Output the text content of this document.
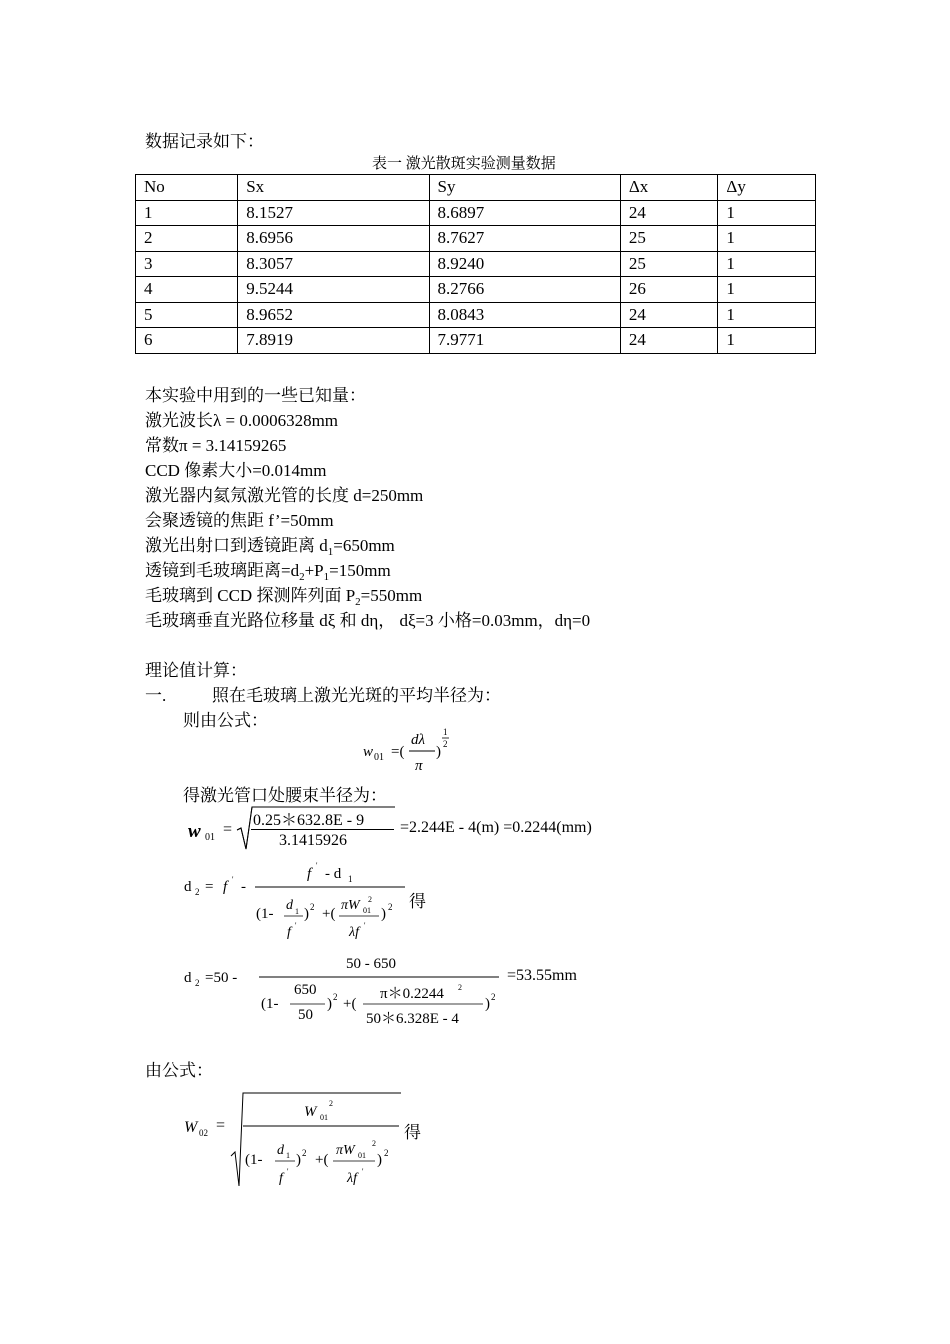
数据记录如下：
表一 激光散斑实验测量数据
No	Sx	Sy	Δx	Δy
1	8.1527	8.6897	24	1
2	8.6956	8.7627	25	1
3	8.3057	8.9240	25	1
4	9.5244	8.2766	26	1
5	8.9652	8.0843	24	1
6	7.8919	7.9771	24	1
本实验中用到的一些已知量：
激光波长λ = 0.0006328mm
常数π = 3.14159265
CCD 像素大小=0.014mm
激光器内氦氖激光管的长度 d=250mm
会聚透镜的焦距 f’=50mm
激光出射口到透镜距离 $d_1=650mm$
透镜到毛玻璃距离$=d_2+P_1=150mm$
毛玻璃到 CCD 探测阵列面 $P_2=550mm$
毛玻璃垂直光路位移量 dξ 和 dη， dξ=3 小格=0.03mm，dη=0
理论值计算：
一.	照在毛玻璃上激光光斑的平均半径为：
则由公式：
w 01 =(
dλ
π
)
1
2
得激光管口处腰束半径为：
w 01 =
0.25＊632.8E - 9
3.1415926
=2.244E - 4(m) =0.2244(mm)
d 2 = f ' -
f
'
- d 1
(1-
d 1
f '
) 2 +(
πW 01
2
λf '
) 2 得
d 2 =50 -
(1-	) 2 +(
2
) 2
50 - 650
650
50
π＊0.2244
50＊6.328E - 4
=53.55mm
由公式：
W 02 =
W 01
2
(1-
d 1
f '
) 2 +(
πW 01
2
λf '
) 2
得
